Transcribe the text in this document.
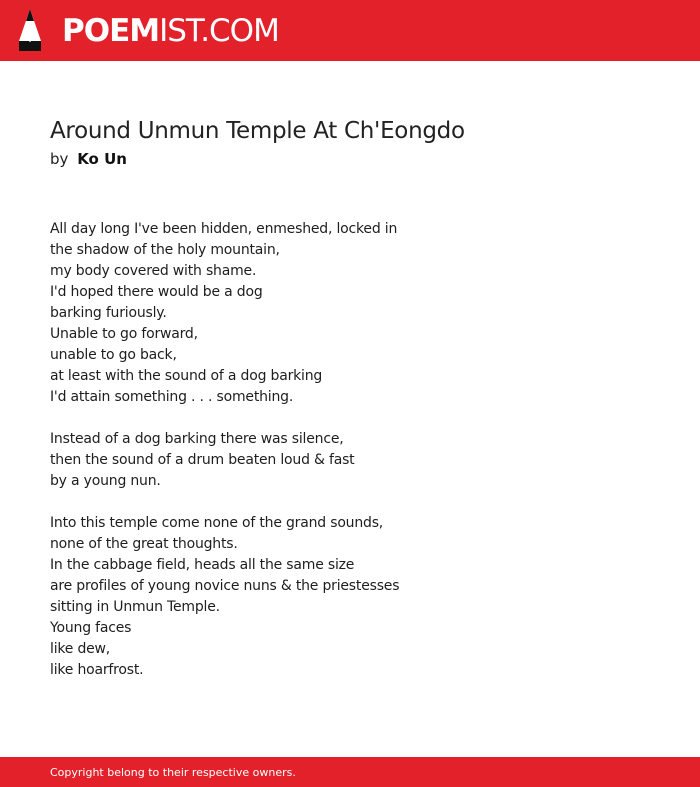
POEMIST.COM
Around Unmun Temple At Ch'Eongdo
by Ko Un
All day long I've been hidden, enmeshed, locked in
the shadow of the holy mountain,
my body covered with shame.
I'd hoped there would be a dog
barking furiously.
Unable to go forward,
unable to go back,
at least with the sound of a dog barking
I'd attain something . . . something.
Instead of a dog barking there was silence,
then the sound of a drum beaten loud & fast
by a young nun.
Into this temple come none of the grand sounds,
none of the great thoughts.
In the cabbage field, heads all the same size
are profiles of young novice nuns & the priestesses
sitting in Unmun Temple.
Young faces
like dew,
like hoarfrost.
Copyright belong to their respective owners.
